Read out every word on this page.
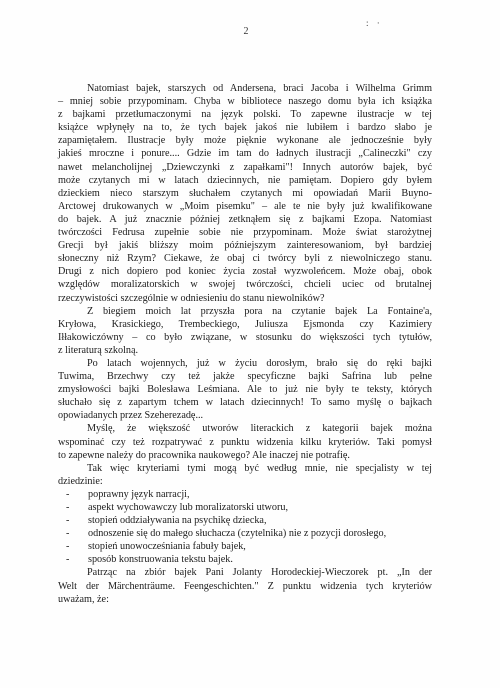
: ·
2
Natomiast bajek, starszych od Andersena, braci Jacoba i Wilhelma Grimm
– mniej sobie przypominam. Chyba w bibliotece naszego domu była ich książka
z bajkami przetłumaczonymi na język polski. To zapewne ilustracje w tej
książce wpłynęły na to, że tych bajek jakoś nie lubiłem i bardzo słabo je
zapamiętałem. Ilustracje były może pięknie wykonane ale jednocześnie były
jakieś mroczne i ponure.... Gdzie im tam do ładnych ilustracji „Calineczki" czy
nawet melancholijnej „Dziewczynki z zapałkami"! Innych autorów bajek, być
może czytanych mi w latach dziecinnych, nie pamiętam. Dopiero gdy byłem
dzieckiem nieco starszym słuchałem czytanych mi opowiadań Marii Buyno-
Arctowej drukowanych w „Moim pisemku" – ale te nie były już kwalifikowane
do bajek. A już znacznie później zetknąłem się z bajkami Ezopa. Natomiast
twórczości Fedrusa zupełnie sobie nie przypominam. Może świat starożytnej
Grecji był jakiś bliższy moim późniejszym zainteresowaniom, był bardziej
słoneczny niż Rzym? Ciekawe, że obaj ci twórcy byli z niewolniczego stanu.
Drugi z nich dopiero pod koniec życia został wyzwoleńcem. Może obaj, obok
względów moralizatorskich w swojej twórczości, chcieli uciec od brutalnej
rzeczywistości szczególnie w odniesieniu do stanu niewolników?
Z biegiem moich lat przyszła pora na czytanie bajek La Fontaine'a,
Kryłowa, Krasickiego, Trembeckiego, Juliusza Ejsmonda czy Kazimiery
Iłłakowiczówny – co było związane, w stosunku do większości tych tytułów,
z literaturą szkolną.
Po latach wojennych, już w życiu dorosłym, brało się do ręki bajki
Tuwima, Brzechwy czy też jakże specyficzne bajki Safrina lub pełne
zmysłowości bajki Bolesława Leśmiana. Ale to już nie były te teksty, których
słuchało się z zapartym tchem w latach dziecinnych! To samo myślę o bajkach
opowiadanych przez Szeherezadę...
Myślę, że większość utworów literackich z kategorii bajek można
wspominać czy też rozpatrywać z punktu widzenia kilku kryteriów. Taki pomysł
to zapewne należy do pracownika naukowego? Ale inaczej nie potrafię.
Tak więc kryteriami tymi mogą być według mnie, nie specjalisty w tej
dziedzinie:
- poprawny język narracji,
- aspekt wychowawczy lub moralizatorski utworu,
- stopień oddziaływania na psychikę dziecka,
- odnoszenie się do małego słuchacza (czytelnika) nie z pozycji dorosłego,
- stopień unowocześniania fabuły bajek,
- sposób konstruowania tekstu bajek.
Patrząc na zbiór bajek Pani Jolanty Horodeckiej-Wieczorek pt. „In der
Welt der Märchenträume. Feengeschichten." Z punktu widzenia tych kryteriów
uważam, że:
